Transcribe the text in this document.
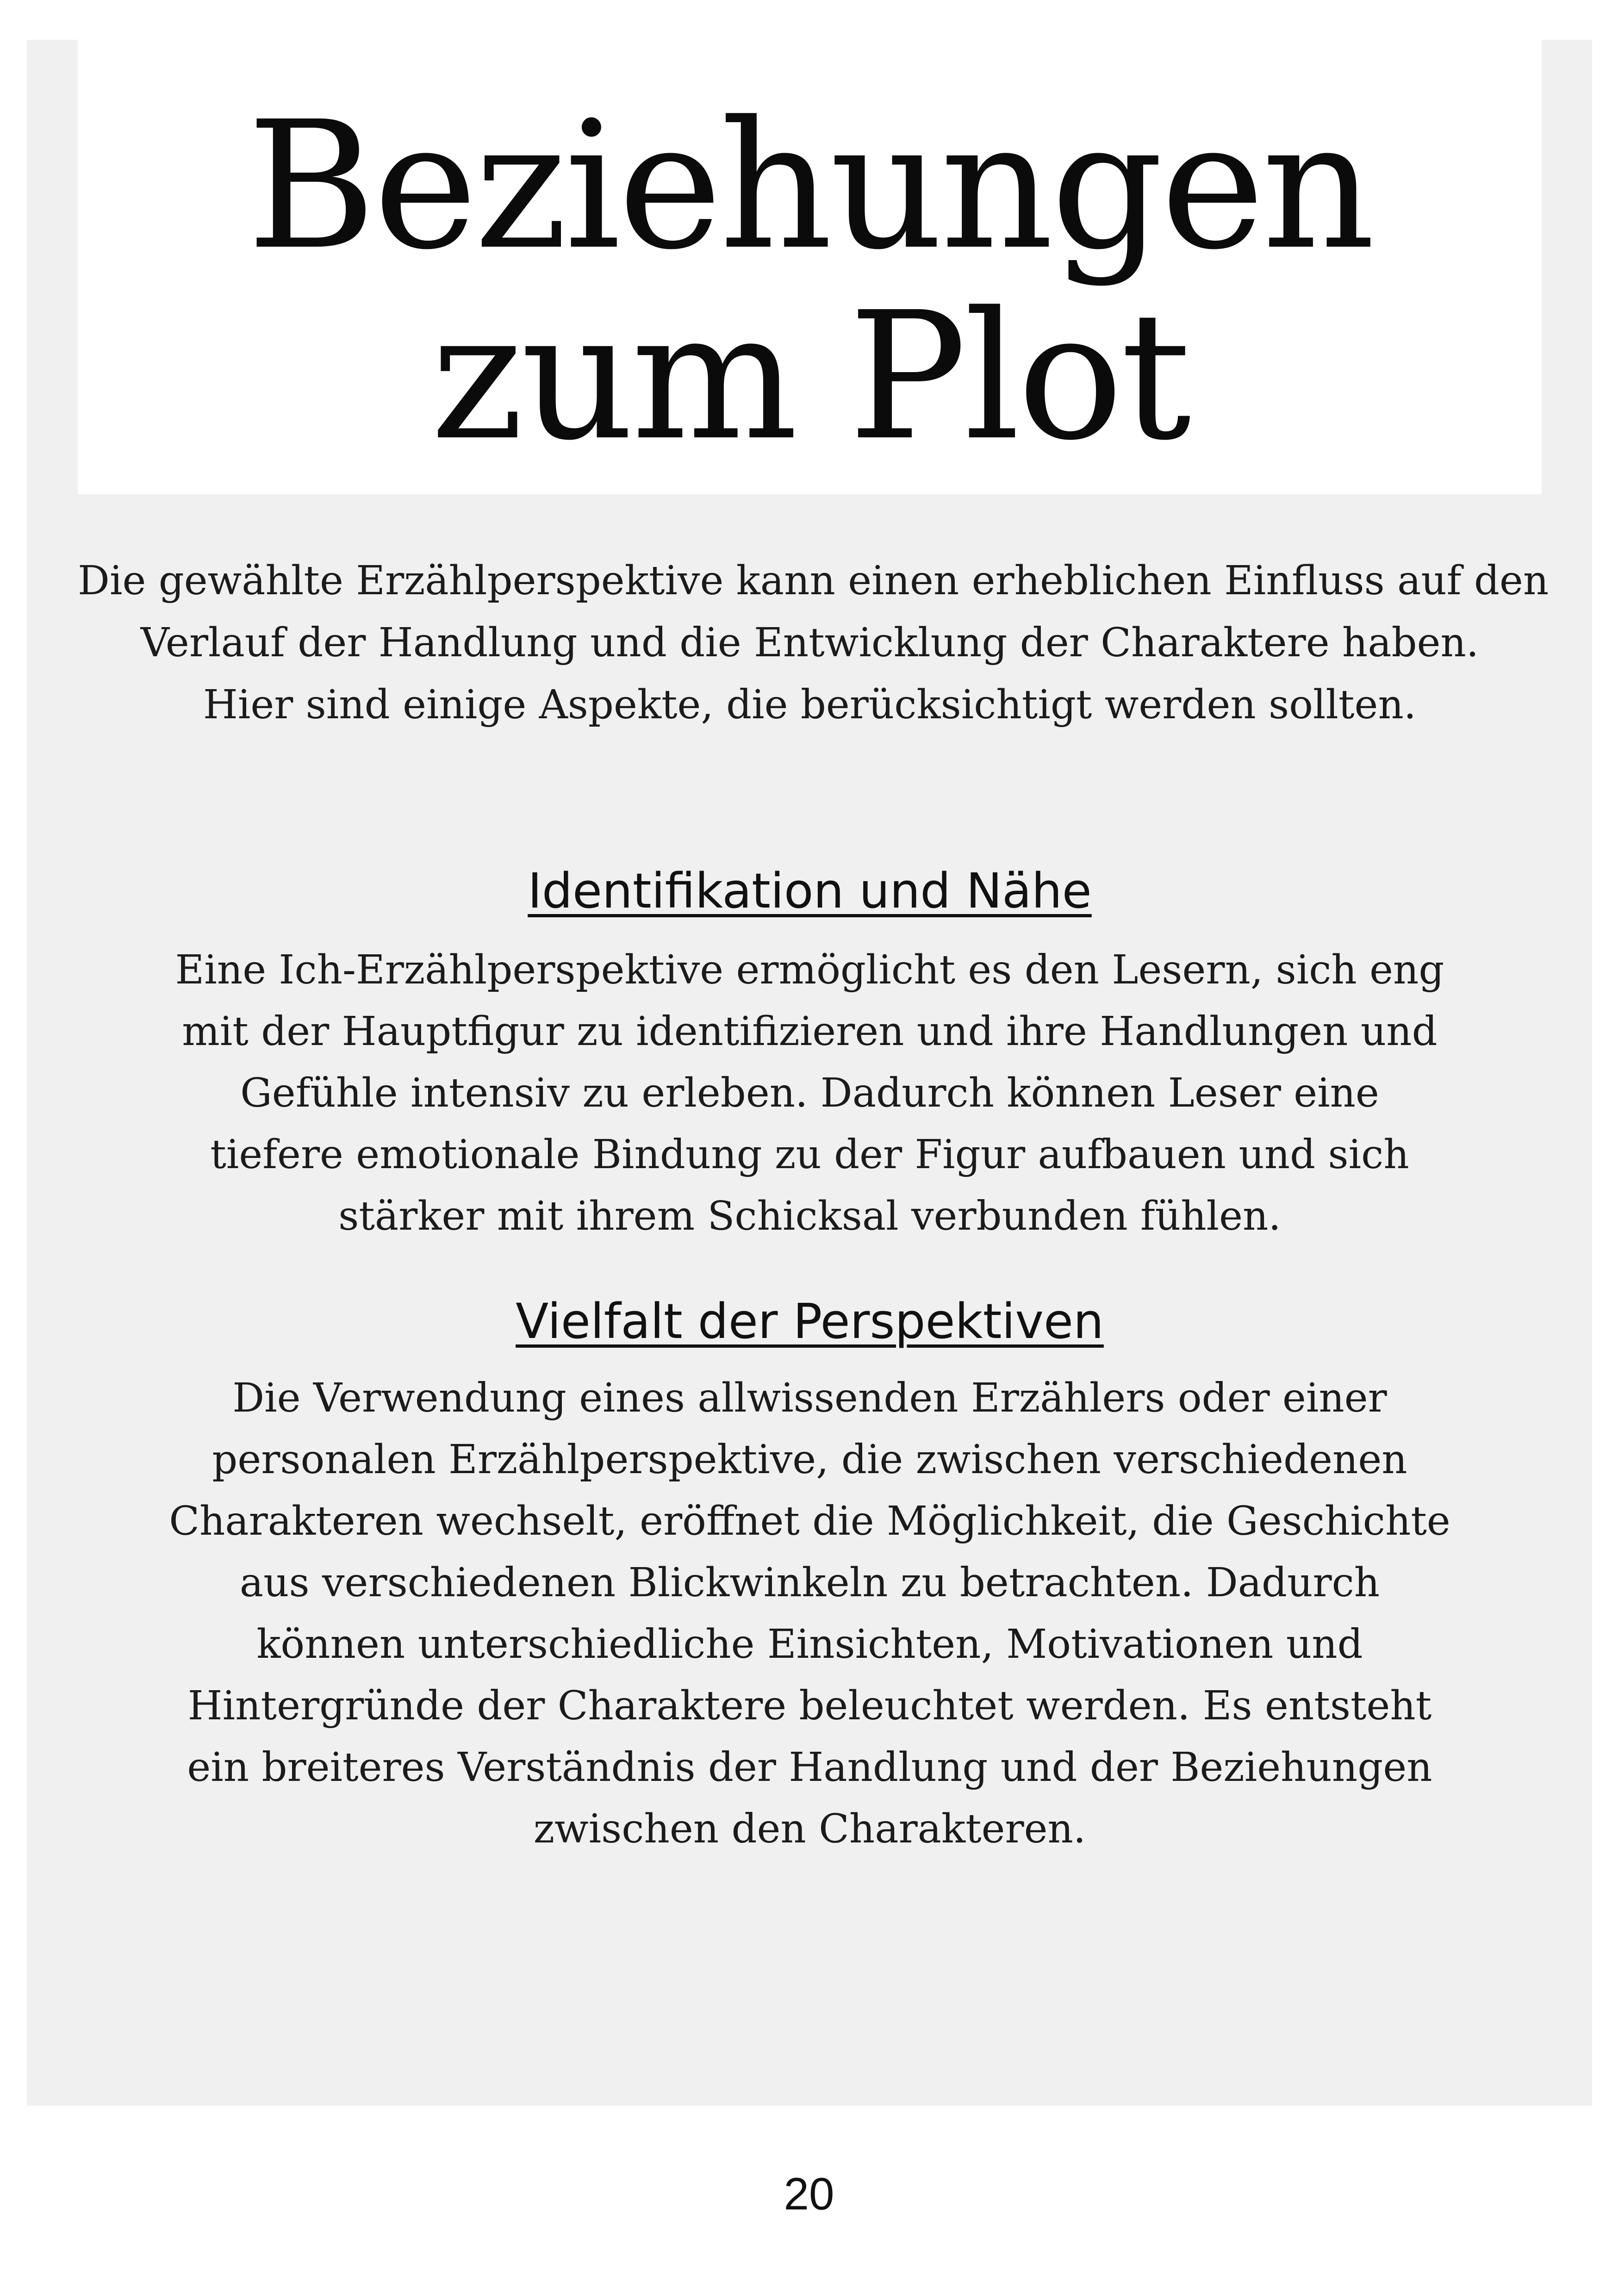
Beziehungen
zum Plot

Die gewählte Erzählperspektive kann einen erheblichen Einfluss auf den
Verlauf der Handlung und die Entwicklung der Charaktere haben.
Hier sind einige Aspekte, die berücksichtigt werden sollten.

Identifikation und Nähe

Eine Ich-Erzählperspektive ermöglicht es den Lesern, sich eng
mit der Hauptfigur zu identifizieren und ihre Handlungen und
Gefühle intensiv zu erleben. Dadurch können Leser eine
tiefere emotionale Bindung zu der Figur aufbauen und sich
stärker mit ihrem Schicksal verbunden fühlen.

Vielfalt der Perspektiven

Die Verwendung eines allwissenden Erzählers oder einer
personalen Erzählperspektive, die zwischen verschiedenen
Charakteren wechselt, eröffnet die Möglichkeit, die Geschichte
aus verschiedenen Blickwinkeln zu betrachten. Dadurch
können unterschiedliche Einsichten, Motivationen und
Hintergründe der Charaktere beleuchtet werden. Es entsteht
ein breiteres Verständnis der Handlung und der Beziehungen
zwischen den Charakteren.

20
